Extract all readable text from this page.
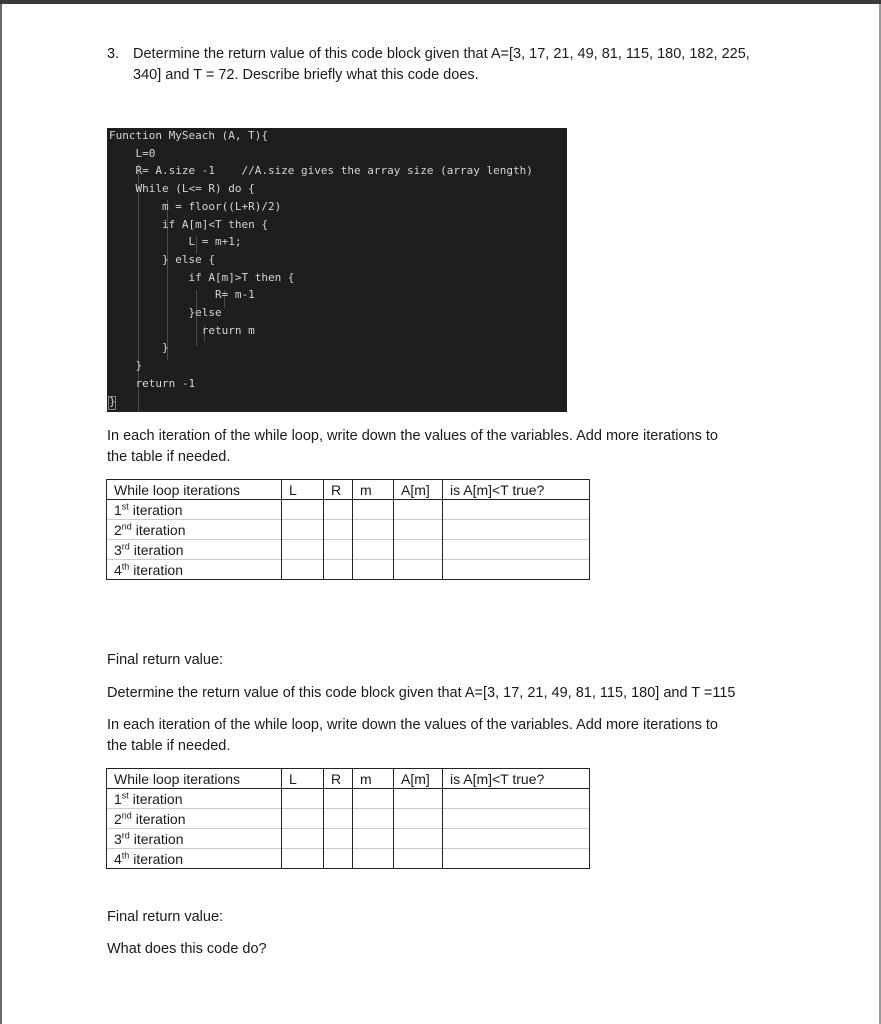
3. Determine the return value of this code block given that A=[3, 17, 21, 49, 81, 115, 180, 182, 225,
340] and T = 72. Describe briefly what this code does.
Function MySeach (A, T){
L=0
R= A.size -1    //A.size gives the array size (array length)
While (L<= R) do {
m = floor((L+R)/2)
if A[m]<T then {
L = m+1;
} else {
if A[m]>T then {
R= m-1
}else
return m
}
}
return -1
}
In each iteration of the while loop, write down the values of the variables. Add more iterations to
the table if needed.
While loop iterations	L	R	m	A[m]	is A[m]<T true?
1st iteration					
2nd iteration					
3rd iteration					
4th iteration					
Final return value:
Determine the return value of this code block given that A=[3, 17, 21, 49, 81, 115, 180] and T =115
In each iteration of the while loop, write down the values of the variables. Add more iterations to
the table if needed.
While loop iterations	L	R	m	A[m]	is A[m]<T true?
1st iteration					
2nd iteration					
3rd iteration					
4th iteration					
Final return value:
What does this code do?
